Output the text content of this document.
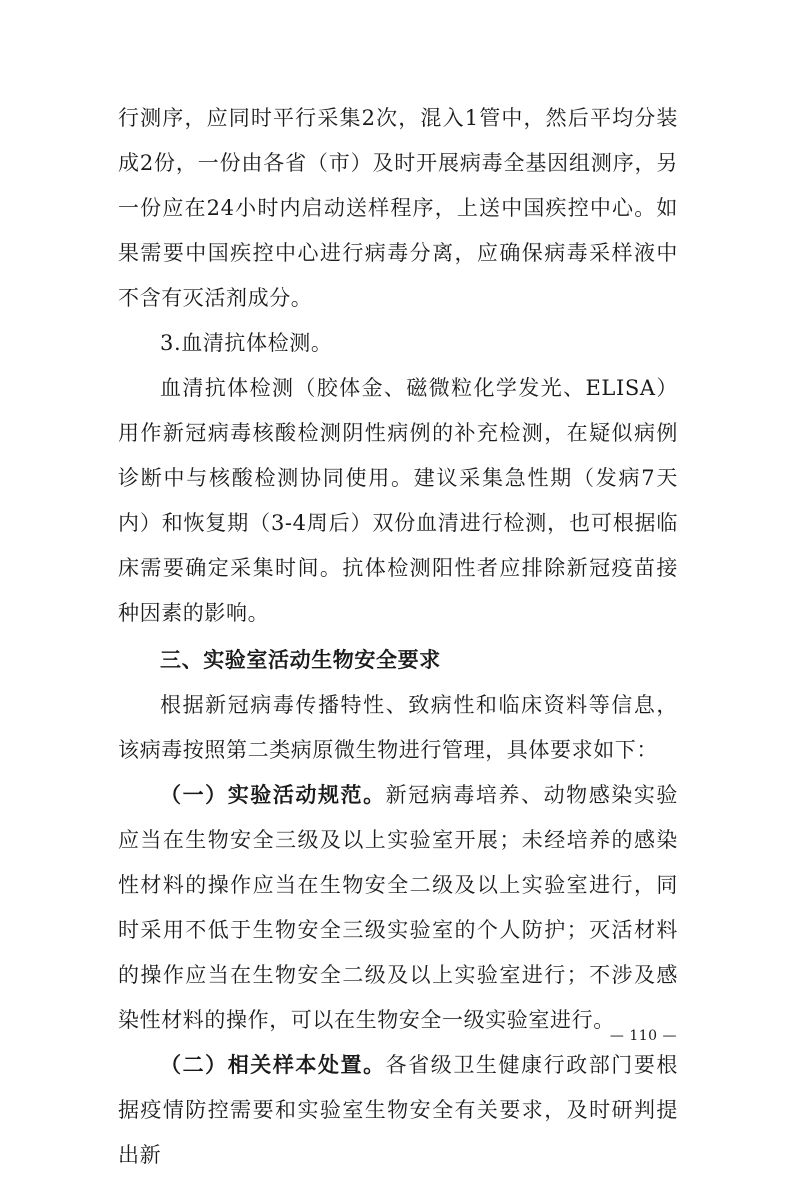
行测序，应同时平行采集2次，混入1管中，然后平均分装成2份，一份由各省（市）及时开展病毒全基因组测序，另一份应在24小时内启动送样程序，上送中国疾控中心。如果需要中国疾控中心进行病毒分离，应确保病毒采样液中不含有灭活剂成分。

3.血清抗体检测。

血清抗体检测（胶体金、磁微粒化学发光、ELISA）用作新冠病毒核酸检测阴性病例的补充检测，在疑似病例诊断中与核酸检测协同使用。建议采集急性期（发病7天内）和恢复期（3-4周后）双份血清进行检测，也可根据临床需要确定采集时间。抗体检测阳性者应排除新冠疫苗接种因素的影响。

三、实验室活动生物安全要求

根据新冠病毒传播特性、致病性和临床资料等信息，该病毒按照第二类病原微生物进行管理，具体要求如下：

（一）实验活动规范。新冠病毒培养、动物感染实验应当在生物安全三级及以上实验室开展；未经培养的感染性材料的操作应当在生物安全二级及以上实验室进行，同时采用不低于生物安全三级实验室的个人防护；灭活材料的操作应当在生物安全二级及以上实验室进行；不涉及感染性材料的操作，可以在生物安全一级实验室进行。

（二）相关样本处置。各省级卫生健康行政部门要根据疫情防控需要和实验室生物安全有关要求，及时研判提出新

— 110 —
